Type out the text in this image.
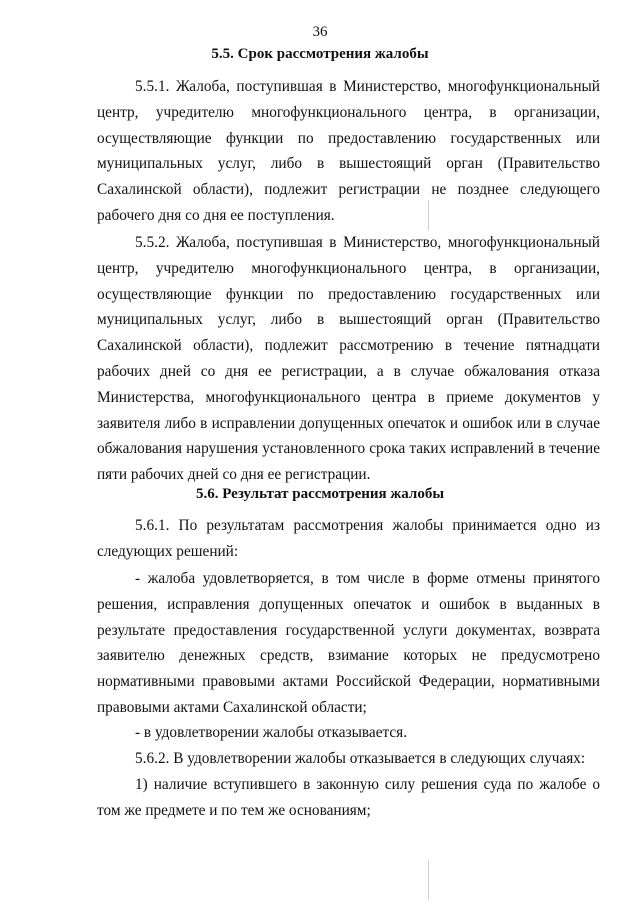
36
5.5. Срок рассмотрения жалобы
5.5.1. Жалоба, поступившая в Министерство, многофункциональный центр, учредителю многофункционального центра, в организации, осуществляющие функции по предоставлению государственных или муниципальных услуг, либо в вышестоящий орган (Правительство Сахалинской области), подлежит регистрации не позднее следующего рабочего дня со дня ее поступления.
5.5.2. Жалоба, поступившая в Министерство, многофункциональный центр, учредителю многофункционального центра, в организации, осуществляющие функции по предоставлению государственных или муниципальных услуг, либо в вышестоящий орган (Правительство Сахалинской области), подлежит рассмотрению в течение пятнадцати рабочих дней со дня ее регистрации, а в случае обжалования отказа Министерства, многофункционального центра в приеме документов у заявителя либо в исправлении допущенных опечаток и ошибок или в случае обжалования нарушения установленного срока таких исправлений в течение пяти рабочих дней со дня ее регистрации.
5.6. Результат рассмотрения жалобы
5.6.1. По результатам рассмотрения жалобы принимается одно из следующих решений:
- жалоба удовлетворяется, в том числе в форме отмены принятого решения, исправления допущенных опечаток и ошибок в выданных в результате предоставления государственной услуги документах, возврата заявителю денежных средств, взимание которых не предусмотрено нормативными правовыми актами Российской Федерации, нормативными правовыми актами Сахалинской области;
- в удовлетворении жалобы отказывается.
5.6.2. В удовлетворении жалобы отказывается в следующих случаях:
1) наличие вступившего в законную силу решения суда по жалобе о том же предмете и по тем же основаниям;
